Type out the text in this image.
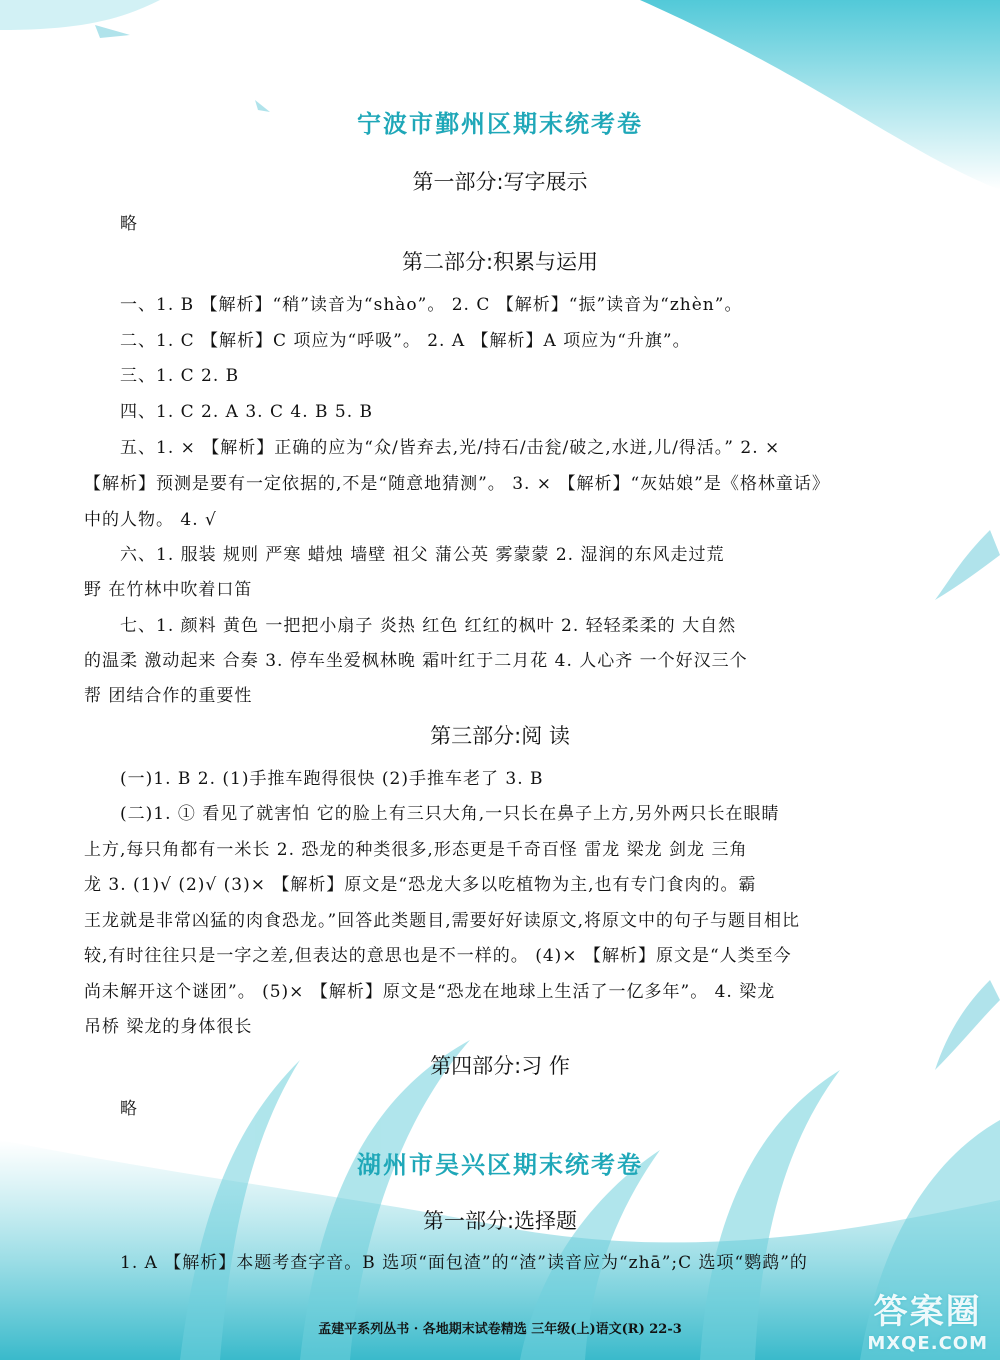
宁波市鄞州区期末统考卷
第一部分:写字展示
略
第二部分:积累与运用
一、1. B 【解析】“稍”读音为“shào”。 2. C 【解析】“振”读音为“zhèn”。
二、1. C 【解析】C 项应为“呼吸”。 2. A 【解析】A 项应为“升旗”。
三、1. C 2. B
四、1. C 2. A 3. C 4. B 5. B
五、1. × 【解析】正确的应为“众/皆弃去,光/持石/击瓮/破之,水迸,儿/得活。” 2. ×
【解析】预测是要有一定依据的,不是“随意地猜测”。 3. × 【解析】“灰姑娘”是《格林童话》
中的人物。 4. √
六、1. 服装 规则 严寒 蜡烛 墙壁 祖父 蒲公英 雾蒙蒙 2. 湿润的东风走过荒
野 在竹林中吹着口笛
七、1. 颜料 黄色 一把把小扇子 炎热 红色 红红的枫叶 2. 轻轻柔柔的 大自然
的温柔 激动起来 合奏 3. 停车坐爱枫林晚 霜叶红于二月花 4. 人心齐 一个好汉三个
帮 团结合作的重要性
第三部分:阅 读
(一)1. B 2. (1)手推车跑得很快 (2)手推车老了 3. B
(二)1. ① 看见了就害怕 它的脸上有三只大角,一只长在鼻子上方,另外两只长在眼睛
上方,每只角都有一米长 2. 恐龙的种类很多,形态更是千奇百怪 雷龙 梁龙 剑龙 三角
龙 3. (1)√ (2)√ (3)× 【解析】原文是“恐龙大多以吃植物为主,也有专门食肉的。霸
王龙就是非常凶猛的肉食恐龙。”回答此类题目,需要好好读原文,将原文中的句子与题目相比
较,有时往往只是一字之差,但表达的意思也是不一样的。 (4)× 【解析】原文是“人类至今
尚未解开这个谜团”。 (5)× 【解析】原文是“恐龙在地球上生活了一亿多年”。 4. 梁龙
吊桥 梁龙的身体很长
第四部分:习 作
略
湖州市吴兴区期末统考卷
第一部分:选择题
1. A 【解析】本题考查字音。B 选项“面包渣”的“渣”读音应为“zhā”;C 选项“鹦鹉”的
孟建平系列丛书 · 各地期末试卷精选 三年级(上)语文(R) 22-3	答案圈
MXQE.COM
